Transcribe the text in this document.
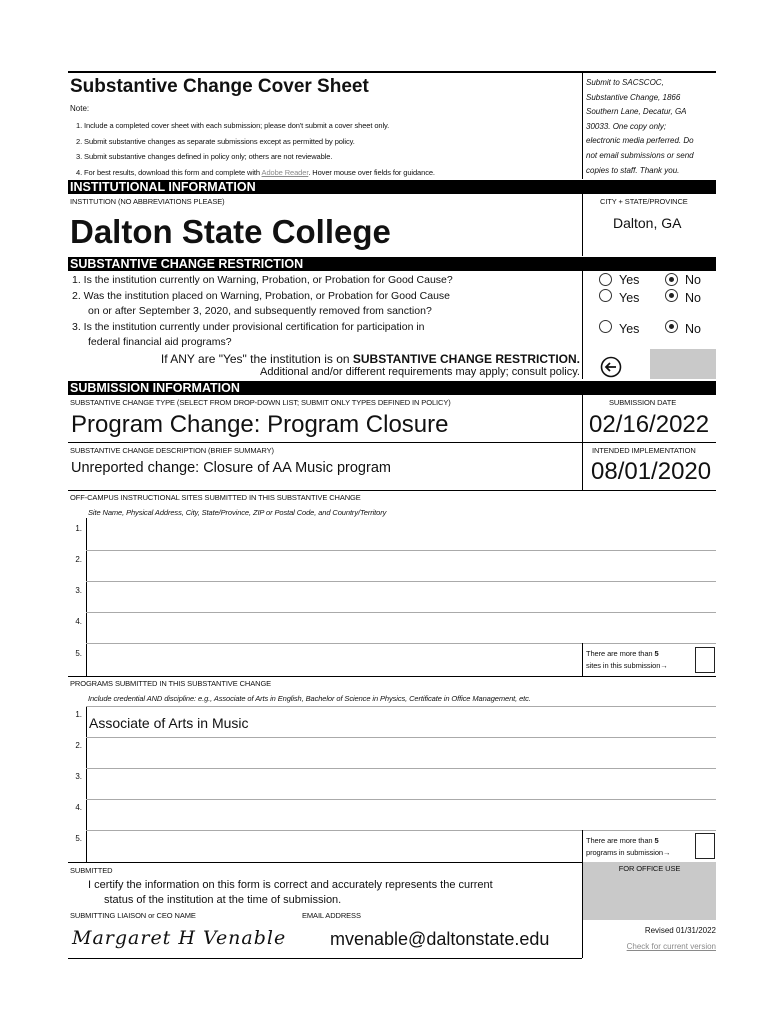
Substantive Change Cover Sheet
Note:
1. Include a completed cover sheet with each submission; please don't submit a cover sheet only.
2. Submit substantive changes as separate submissions except as permitted by policy.
3. Submit substantive changes defined in policy only; others are not reviewable.
4. For best results, download this form and complete with Adobe Reader. Hover mouse over fields for guidance.
Submit to SACSCOC,
Substantive Change, 1866
Southern Lane, Decatur, GA
30033. One copy only;
electronic media perferred. Do
not email submissions or send
copies to staff. Thank you.
INSTITUTIONAL INFORMATION
INSTITUTION (NO ABBREVIATIONS PLEASE)
Dalton State College
CITY + STATE/PROVINCE
Dalton, GA
SUBSTANTIVE CHANGE RESTRICTION
1. Is the institution currently on Warning, Probation, or Probation for Good Cause?
2. Was the institution placed on Warning, Probation, or Probation for Good Cause
on or after September 3, 2020, and subsequently removed from sanction?
3. Is the institution currently under provisional certification for participation in
federal financial aid programs?
Yes	No
Yes	No
Yes	No
If ANY are "Yes" the institution is on SUBSTANTIVE CHANGE RESTRICTION.
Additional and/or different requirements may apply; consult policy.
SUBMISSION INFORMATION
SUBSTANTIVE CHANGE TYPE (SELECT FROM DROP-DOWN LIST; SUBMIT ONLY TYPES DEFINED IN POLICY)
Program Change: Program Closure
SUBMISSION DATE
02/16/2022
SUBSTANTIVE CHANGE DESCRIPTION (BRIEF SUMMARY)
Unreported change: Closure of AA Music program
INTENDED IMPLEMENTATION
08/01/2020
OFF-CAMPUS INSTRUCTIONAL SITES SUBMITTED IN THIS SUBSTANTIVE CHANGE
Site Name, Physical Address, City, State/Province, ZIP or Postal Code, and Country/Territory
1.
2.
3.
4.
5.	There are more than 5
sites in this submission→
PROGRAMS SUBMITTED IN THIS SUBSTANTIVE CHANGE
Include credential AND discipline: e.g., Associate of Arts in English, Bachelor of Science in Physics, Certificate in Office Management, etc.
1.
Associate of Arts in Music
2.
3.
4.
5.	There are more than 5
programs in submission→
SUBMITTED
I certify the information on this form is correct and accurately represents the current
status of the institution at the time of submission.
SUBMITTING LIAISON or CEO NAME	EMAIL ADDRESS
Margaret H Venable mvenable@daltonstate.edu
FOR OFFICE USE
Revised 01/31/2022
Check for current version
